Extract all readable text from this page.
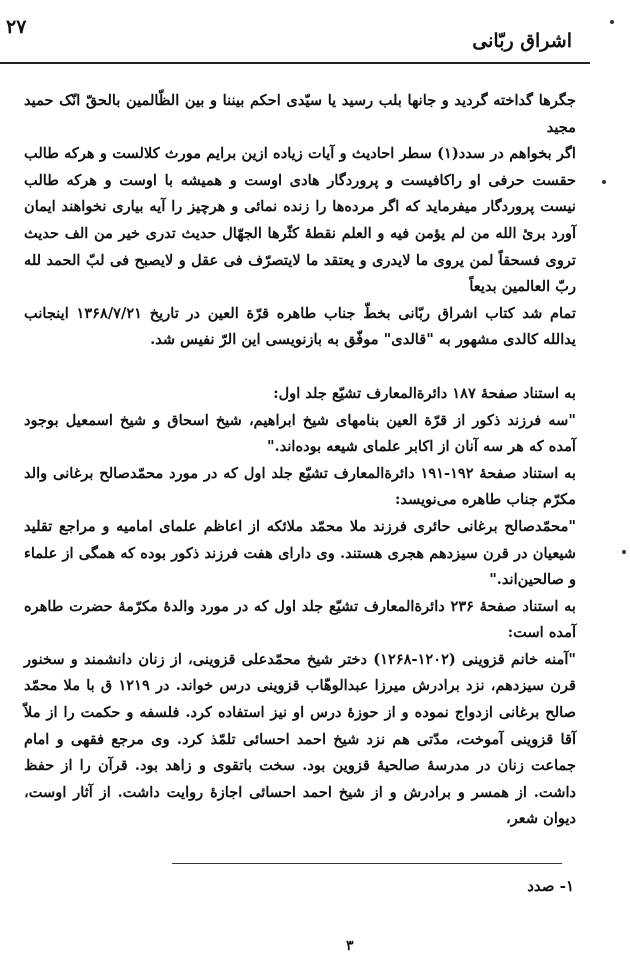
۲۷
اشراق ربّانی

جگرها گداخته گردید و جانها بلب رسید یا سیّدی احکم بیننا و بین الظّالمین بالحقّ انّک حمید مجید

اگر بخواهم در سدد(۱) سطر احادیث و آیات زیاده ازین برایم مورث کلالست و هرکه طالب حقست حرفی او راکافیست و پروردگار هادی اوست و همیشه با اوست و هرکه طالب نیست پروردگار میفرماید که اگر مرده‌ها را زنده نمائی و هرچیز را آیه بیاری نخواهند ایمان آورد برئ الله من لم یؤمن فیه و العلم نقطهٔ کثّرها الجهّال حدیث تدری خیر من الف حدیث تروی فسحقاً لمن یروی ما لایدری و یعتقد ما لایتصرّف فی عقل و لایصبح فی لبّ الحمد لله ربّ العالمین بدیعاً

تمام شد کتاب اشراق ربّانی بخطّ جناب طاهره قرّة العین در تاریخ ۱۳۶۸/۷/۲۱ اینجانب یدالله کالدی مشهور به "قالدی" موفّق به بازنویسی این الرّ نفیس شد.

به استناد صفحهٔ ۱۸۷ دائرة‌المعارف تشیّع جلد اول:

"سه فرزند ذکور از قرّة العین بنامهای شیخ ابراهیم، شیخ اسحاق و شیخ اسمعیل بوجود آمده که هر سه آنان از اکابر علمای شیعه بوده‌اند."

به استناد صفحهٔ ۱۹۲-۱۹۱ دائرة‌المعارف تشیّع جلد اول که در مورد محمّدصالح برغانی والد مکرّم جناب طاهره می‌نویسد:

"محمّدصالح برغانی حائری فرزند ملا محمّد ملائکه از اعاظم علمای امامیه و مراجع تقلید شیعیان در قرن سیزدهم هجری هستند. وی دارای هفت فرزند ذکور بوده که همگی از علماء و صالحین‌اند."

به استناد صفحهٔ ۲۳۶ دائرة‌المعارف تشیّع جلد اول که در مورد والدهٔ مکرّمهٔ حضرت طاهره آمده است:

"آمنه خانم قزوینی (۱۲۰۲-۱۲۶۸) دختر شیخ محمّدعلی قزوینی، از زنان دانشمند و سخنور قرن سیزدهم، نزد برادرش میرزا عبدالوهّاب قزوینی درس خواند. در ۱۲۱۹ ق با ملا محمّد صالح برغانی ازدواج نموده و از حوزهٔ درس او نیز استفاده کرد. فلسفه و حکمت را از ملاّ آقا قزوینی آموخت، مدّتی هم نزد شیخ احمد احسائی تلمّذ کرد. وی مرجع فقهی و امام جماعت زنان در مدرسهٔ صالحیهٔ قزوین بود. سخت باتقوی و زاهد بود. قرآن را از حفظ داشت. از همسر و برادرش و از شیخ احمد احسائی اجازهٔ روایت داشت. از آثار اوست، دیوان شعر،

۱- صدد
۳
